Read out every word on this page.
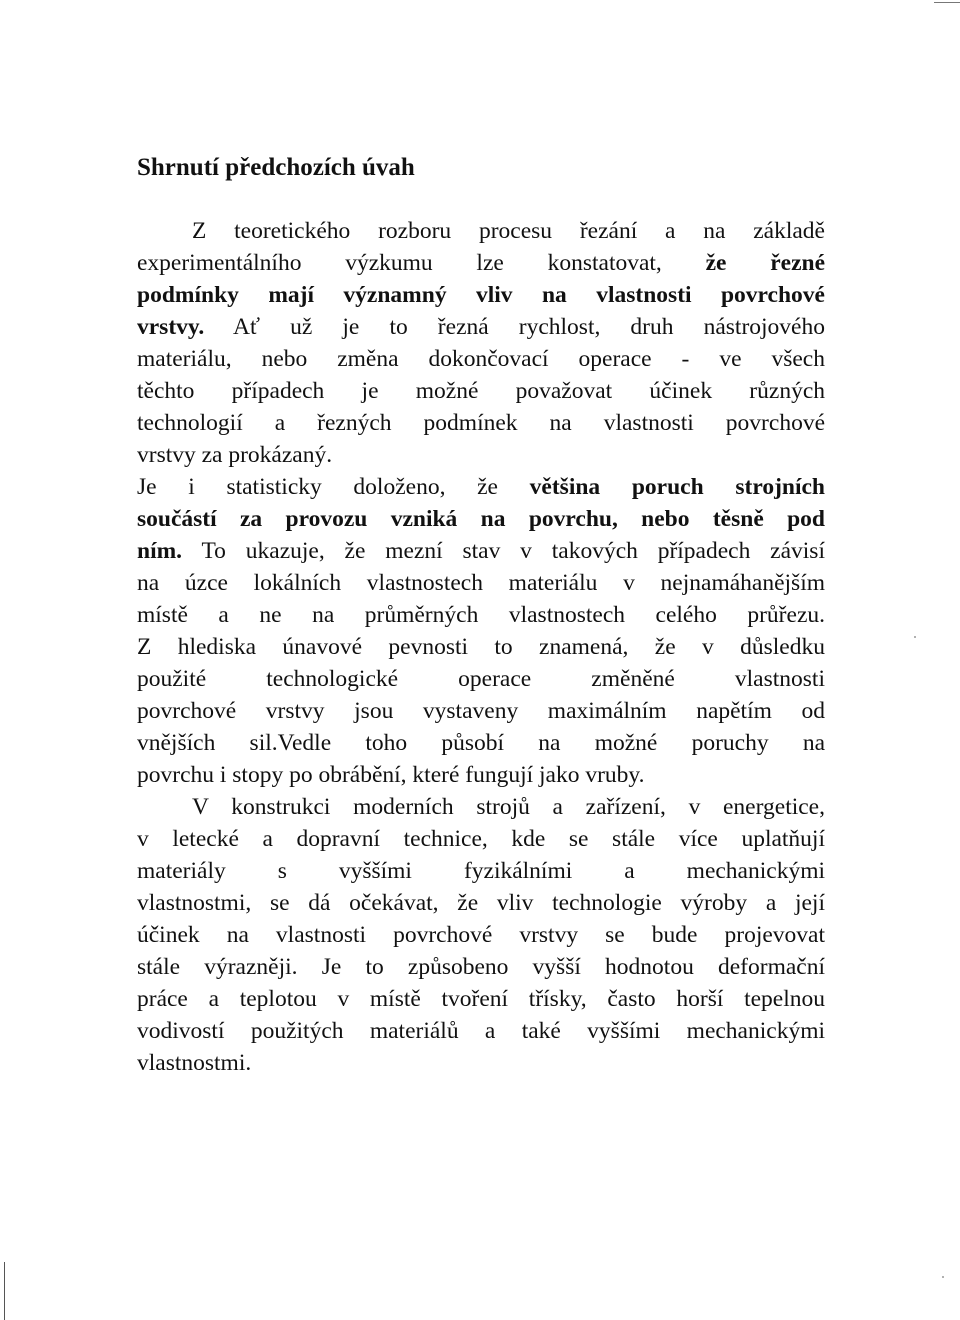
Shrnutí předchozích úvah
Z teoretického rozboru procesu řezání a na základě
experimentálního výzkumu lze konstatovat, že řezné
podmínky mají významný vliv na vlastnosti povrchové
vrstvy. Ať už je to řezná rychlost, druh nástrojového
materiálu, nebo změna dokončovací operace - ve všech
těchto případech je možné považovat účinek různých
technologií a řezných podmínek na vlastnosti povrchové
vrstvy za prokázaný.
Je i statisticky doloženo, že většina poruch strojních
součástí za provozu vzniká na povrchu, nebo těsně pod
ním. To ukazuje, že mezní stav v takových případech závisí
na úzce lokálních vlastnostech materiálu v nejnamáhanějším
místě a ne na průměrných vlastnostech celého průřezu.
Z hlediska únavové pevnosti to znamená, že v důsledku
použité technologické operace změněné vlastnosti
povrchové vrstvy jsou vystaveny maximálním napětím od
vnějších sil.Vedle toho působí na možné poruchy na
povrchu i stopy po obrábění, které fungují jako vruby.
V konstrukci moderních strojů a zařízení, v energetice,
v letecké a dopravní technice, kde se stále více uplatňují
materiály s vyššími fyzikálními a mechanickými
vlastnostmi, se dá očekávat, že vliv technologie výroby a její
účinek na vlastnosti povrchové vrstvy se bude projevovat
stále výrazněji. Je to způsobeno vyšší hodnotou deformační
práce a teplotou v místě tvoření třísky, často horší tepelnou
vodivostí použitých materiálů a také vyššími mechanickými
vlastnostmi.
